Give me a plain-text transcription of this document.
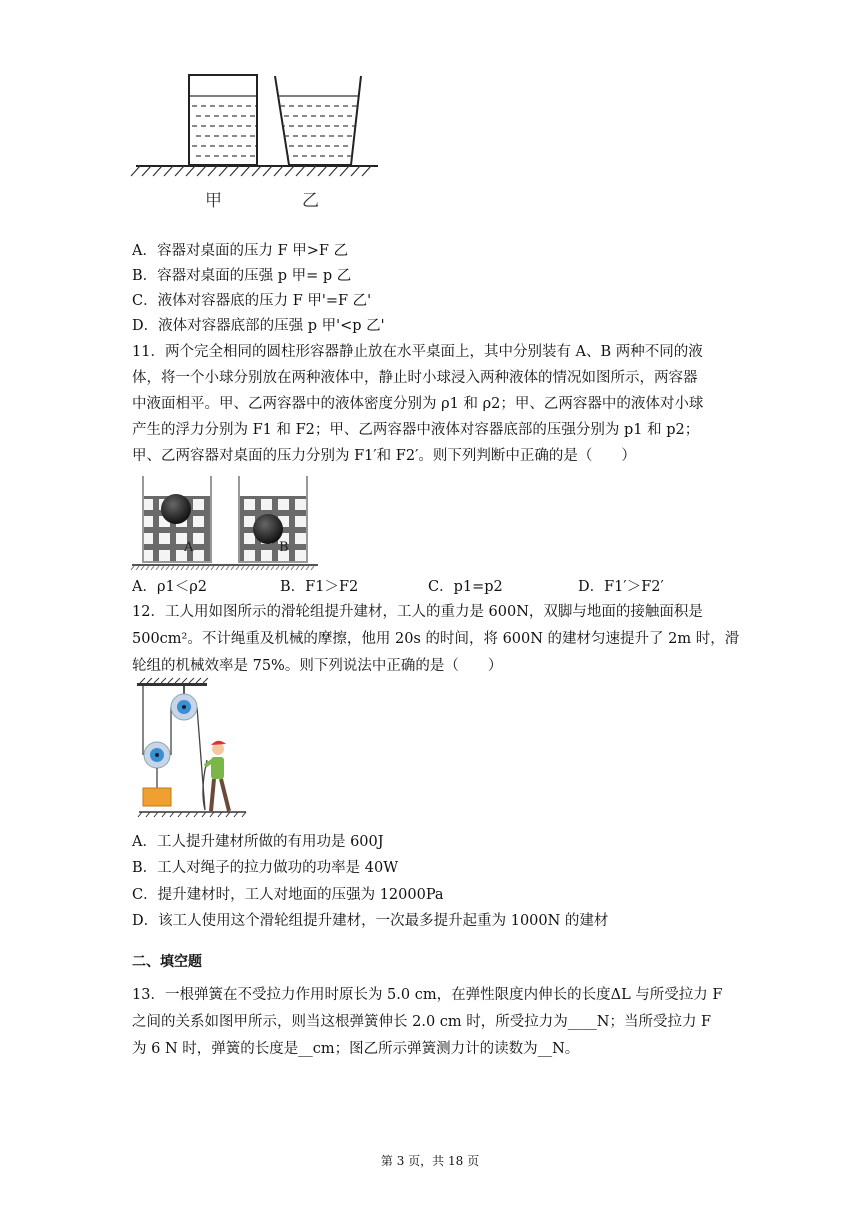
甲	乙
A．容器对桌面的压力 F 甲>F 乙
B．容器对桌面的压强 p 甲= p 乙
C．液体对容器底的压力 F 甲'=F 乙'
D．液体对容器底部的压强 p 甲'<p 乙'
11．两个完全相同的圆柱形容器静止放在水平桌面上，其中分别装有 A、B 两种不同的液
体，将一个小球分别放在两种液体中，静止时小球浸入两种液体的情况如图所示，两容器
中液面相平。甲、乙两容器中的液体密度分别为 ρ1 和 ρ2；甲、乙两容器中的液体对小球
产生的浮力分别为 F1 和 F2；甲、乙两容器中液体对容器底部的压强分别为 p1 和 p2；
甲、乙两容器对桌面的压力分别为 F1′和 F2′。则下列判断中正确的是（　　）
A	B
A．ρ1＜ρ2	B．F1＞F2	C．p1=p2	D．F1′＞F2′
12．工人用如图所示的滑轮组提升建材，工人的重力是 600N，双脚与地面的接触面积是
500cm²。不计绳重及机械的摩擦，他用 20s 的时间，将 600N 的建材匀速提升了 2m 时，滑
轮组的机械效率是 75%。则下列说法中正确的是（　　）
A．工人提升建材所做的有用功是 600J
B．工人对绳子的拉力做功的功率是 40W
C．提升建材时，工人对地面的压强为 12000Pa
D．该工人使用这个滑轮组提升建材，一次最多提升起重为 1000N 的建材
二、填空题
13．一根弹簧在不受拉力作用时原长为 5.0 cm，在弹性限度内伸长的长度ΔL 与所受拉力 F
之间的关系如图甲所示，则当这根弹簧伸长 2.0 cm 时，所受拉力为____N；当所受拉力 F
为 6 N 时，弹簧的长度是__cm；图乙所示弹簧测力计的读数为__N。
第 3 页，共 18 页
